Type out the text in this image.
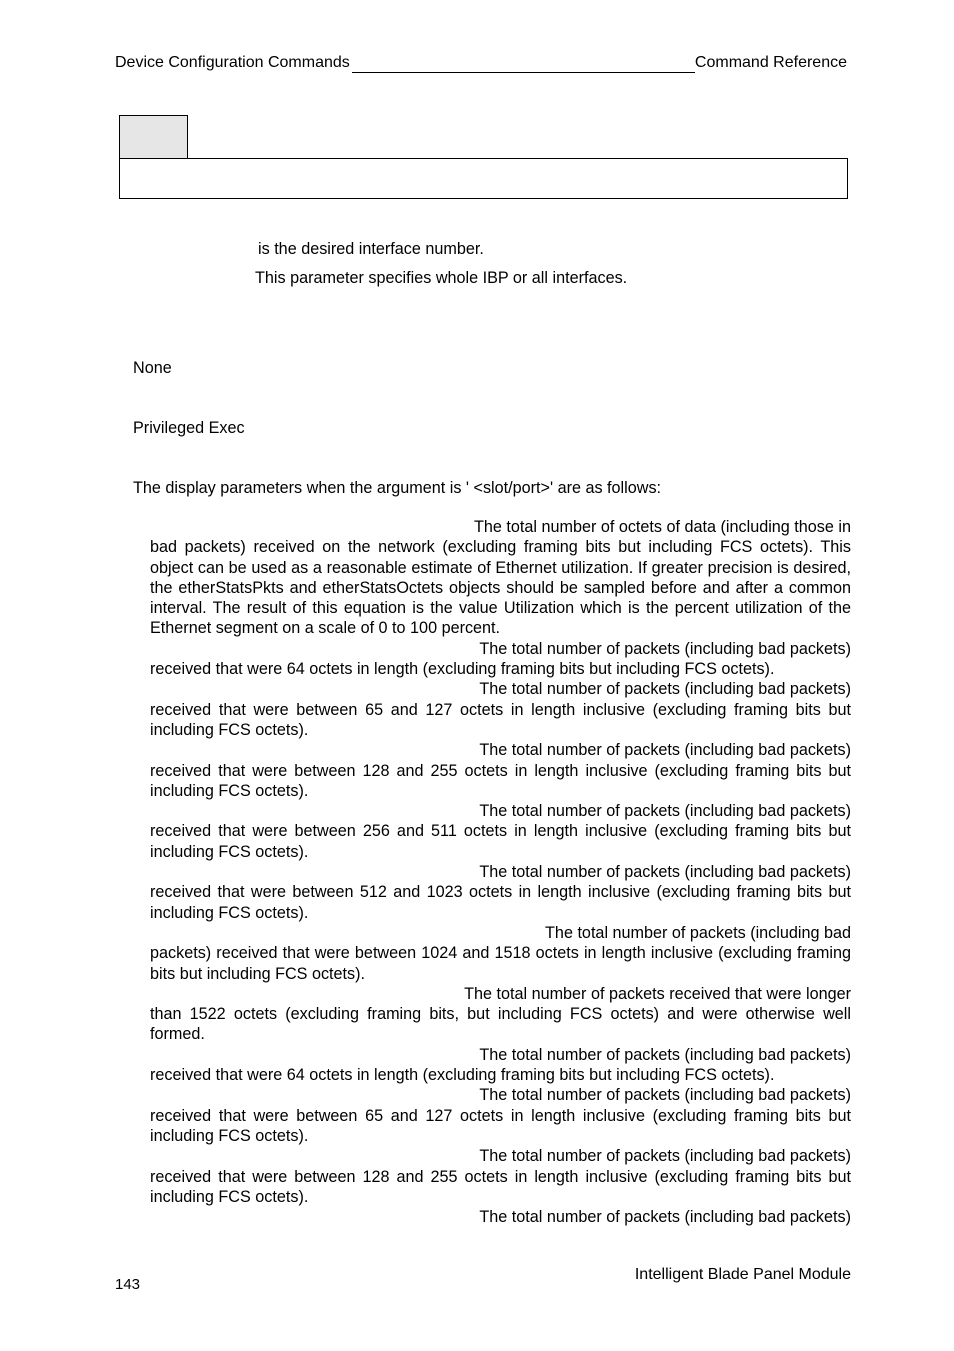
Device Configuration Commands	Command Reference
is the desired interface number.
This parameter specifies whole IBP or all interfaces.
None
Privileged Exec
The display parameters when the argument is ' <slot/port>' are as follows:
The total number of octets of data (including those inbad packets) received on the network (excluding framing bits but including FCS octets). This object can be used as a reasonable estimate of Ethernet utilization. If greater precision is desired, the etherStatsPkts and etherStatsOctets objects should be sampled before and after a common interval. The result of this equation is the value Utilization which is the percent utilization of the Ethernet segment on a scale of 0 to 100 percent.
The total number of packets (including bad packets)received that were 64 octets in length (excluding framing bits but including FCS octets).
The total number of packets (including bad packets)received that were between 65 and 127 octets in length inclusive (excluding framing bits but including FCS octets).
The total number of packets (including bad packets)received that were between 128 and 255 octets in length inclusive (excluding framing bits but including FCS octets).
The total number of packets (including bad packets)received that were between 256 and 511 octets in length inclusive (excluding framing bits but including FCS octets).
The total number of packets (including bad packets)received that were between 512 and 1023 octets in length inclusive (excluding framing bits but including FCS octets).
The total number of packets (including badpackets) received that were between 1024 and 1518 octets in length inclusive (excluding framing bits but including FCS octets).
The total number of packets received that were longerthan 1522 octets (excluding framing bits, but including FCS octets) and were otherwise well formed.
The total number of packets (including bad packets)received that were 64 octets in length (excluding framing bits but including FCS octets).
The total number of packets (including bad packets)received that were between 65 and 127 octets in length inclusive (excluding framing bits but including FCS octets).
The total number of packets (including bad packets)received that were between 128 and 255 octets in length inclusive (excluding framing bits but including FCS octets).
The total number of packets (including bad packets)
143
Intelligent Blade Panel Module
